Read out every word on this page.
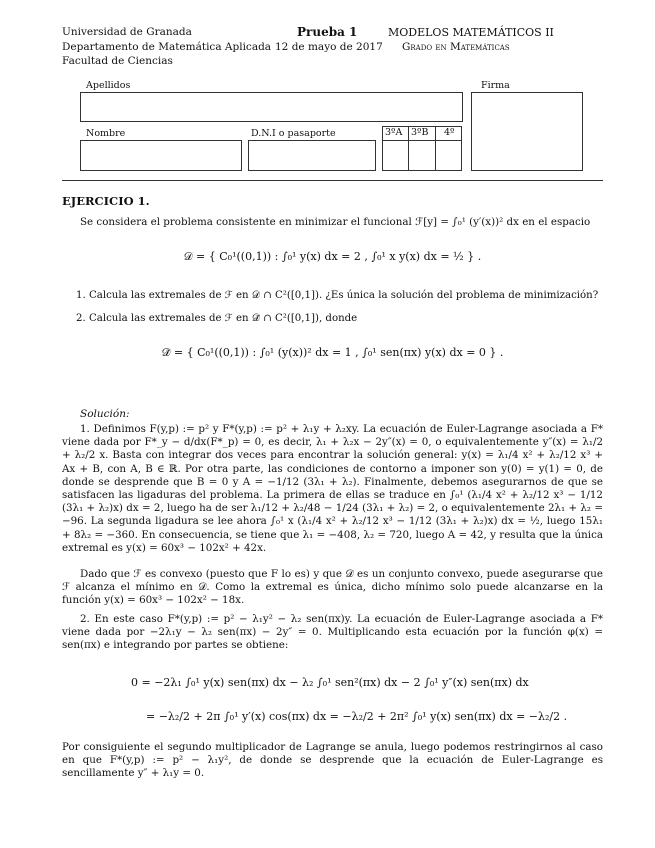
Universidad de Granada
Departamento de Matemática Aplicada
Facultad de Ciencias
Prueba 1
12 de mayo de 2017
MODELOS MATEMÁTICOS II
Grado en Matemáticas
Apellidos	Firma
Nombre	D.N.I o pasaporte	3ºA 3ºB 4º
EJERCICIO 1.
Se considera el problema consistente en minimizar el funcional ℱ[y] = ∫₀¹ (y′(x))² dx en el espacio
𝒟 = { C₀¹((0,1)) : ∫₀¹ y(x) dx = 2 , ∫₀¹ x y(x) dx = ½ } .
1. Calcula las extremales de ℱ en 𝒟 ∩ C²([0,1]). ¿Es única la solución del problema de minimización?
2. Calcula las extremales de ℱ en 𝒟̃ ∩ C²([0,1]), donde
𝒟̃ = { C₀¹((0,1)) : ∫₀¹ (y(x))² dx = 1 , ∫₀¹ sen(πx) y(x) dx = 0 } .
Solución:
1. Definimos F(y,p) := p² y F*(y,p) := p² + λ₁y + λ₂xy. La ecuación de Euler-Lagrange asociada a F* viene dada por F*_y − d/dx(F*_p) = 0, es decir, λ₁ + λ₂x − 2y″(x) = 0, o equivalentemente y″(x) = λ₁/2 + λ₂/2 x. Basta con integrar dos veces para encontrar la solución general: y(x) = λ₁/4 x² + λ₂/12 x³ + Ax + B, con A, B ∈ ℝ. Por otra parte, las condiciones de contorno a imponer son y(0) = y(1) = 0, de donde se desprende que B = 0 y A = −1/12 (3λ₁ + λ₂). Finalmente, debemos asegurarnos de que se satisfacen las ligaduras del problema. La primera de ellas se traduce en ∫₀¹ (λ₁/4 x² + λ₂/12 x³ − 1/12 (3λ₁ + λ₂)x) dx = 2, luego ha de ser λ₁/12 + λ₂/48 − 1/24 (3λ₁ + λ₂) = 2, o equivalentemente 2λ₁ + λ₂ = −96. La segunda ligadura se lee ahora ∫₀¹ x (λ₁/4 x² + λ₂/12 x³ − 1/12 (3λ₁ + λ₂)x) dx = ½, luego 15λ₁ + 8λ₂ = −360. En consecuencia, se tiene que λ₁ = −408, λ₂ = 720, luego A = 42, y resulta que la única extremal es y(x) = 60x³ − 102x² + 42x.
Dado que ℱ es convexo (puesto que F lo es) y que 𝒟 es un conjunto convexo, puede asegurarse que ℱ alcanza el mínimo en 𝒟. Como la extremal es única, dicho mínimo solo puede alcanzarse en la función y(x) = 60x³ − 102x² − 18x.
2. En este caso F*(y,p) := p² − λ₁y² − λ₂ sen(πx)y. La ecuación de Euler-Lagrange asociada a F* viene dada por −2λ₁y − λ₂ sen(πx) − 2y″ = 0. Multiplicando esta ecuación por la función φ(x) = sen(πx) e integrando por partes se obtiene:
0 = −2λ₁ ∫₀¹ y(x) sen(πx) dx − λ₂ ∫₀¹ sen²(πx) dx − 2 ∫₀¹ y″(x) sen(πx) dx
= −λ₂/2 + 2π ∫₀¹ y′(x) cos(πx) dx = −λ₂/2 + 2π² ∫₀¹ y(x) sen(πx) dx = −λ₂/2 .
Por consiguiente el segundo multiplicador de Lagrange se anula, luego podemos restringirnos al caso en que F*(y,p) := p² − λ₁y², de donde se desprende que la ecuación de Euler-Lagrange es sencillamente y″ + λ₁y = 0.
